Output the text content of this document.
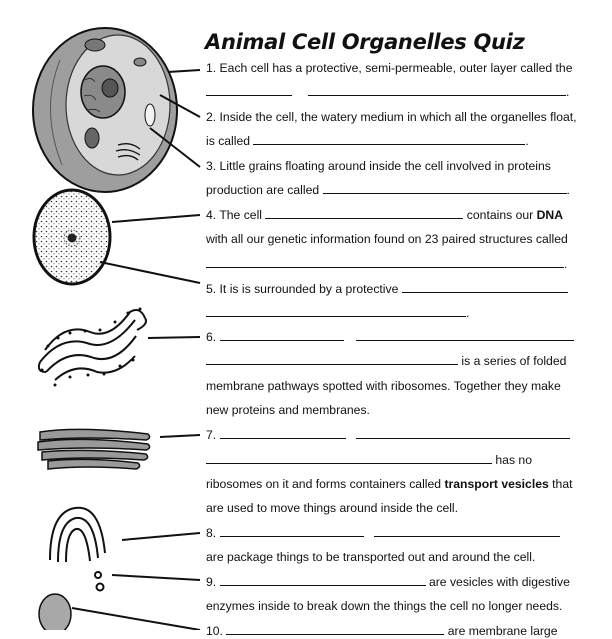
Animal Cell Organelles Quiz
1. Each cell has a protective, semi-permeable, outer layer called the
.
2. Inside the cell, the watery medium in which all the organelles float,
is called	.
3. Little grains floating around inside the cell involved in proteins
production are called	.
4. The cell	contains our DNA
with all our genetic information found on 23 paired structures called
.
5. It is is surrounded by a protective
.
6.
is a series of folded
membrane pathways spotted with ribosomes. Together they make
new proteins and membranes.
7.
has no
ribosomes on it and forms containers called transport vesicles that
are used to move things around inside the cell.
8.
are package things to be transported out and around the cell.
9.	are vesicles with digestive
enzymes inside to break down the things the cell no longer needs.
10.	are membrane large
